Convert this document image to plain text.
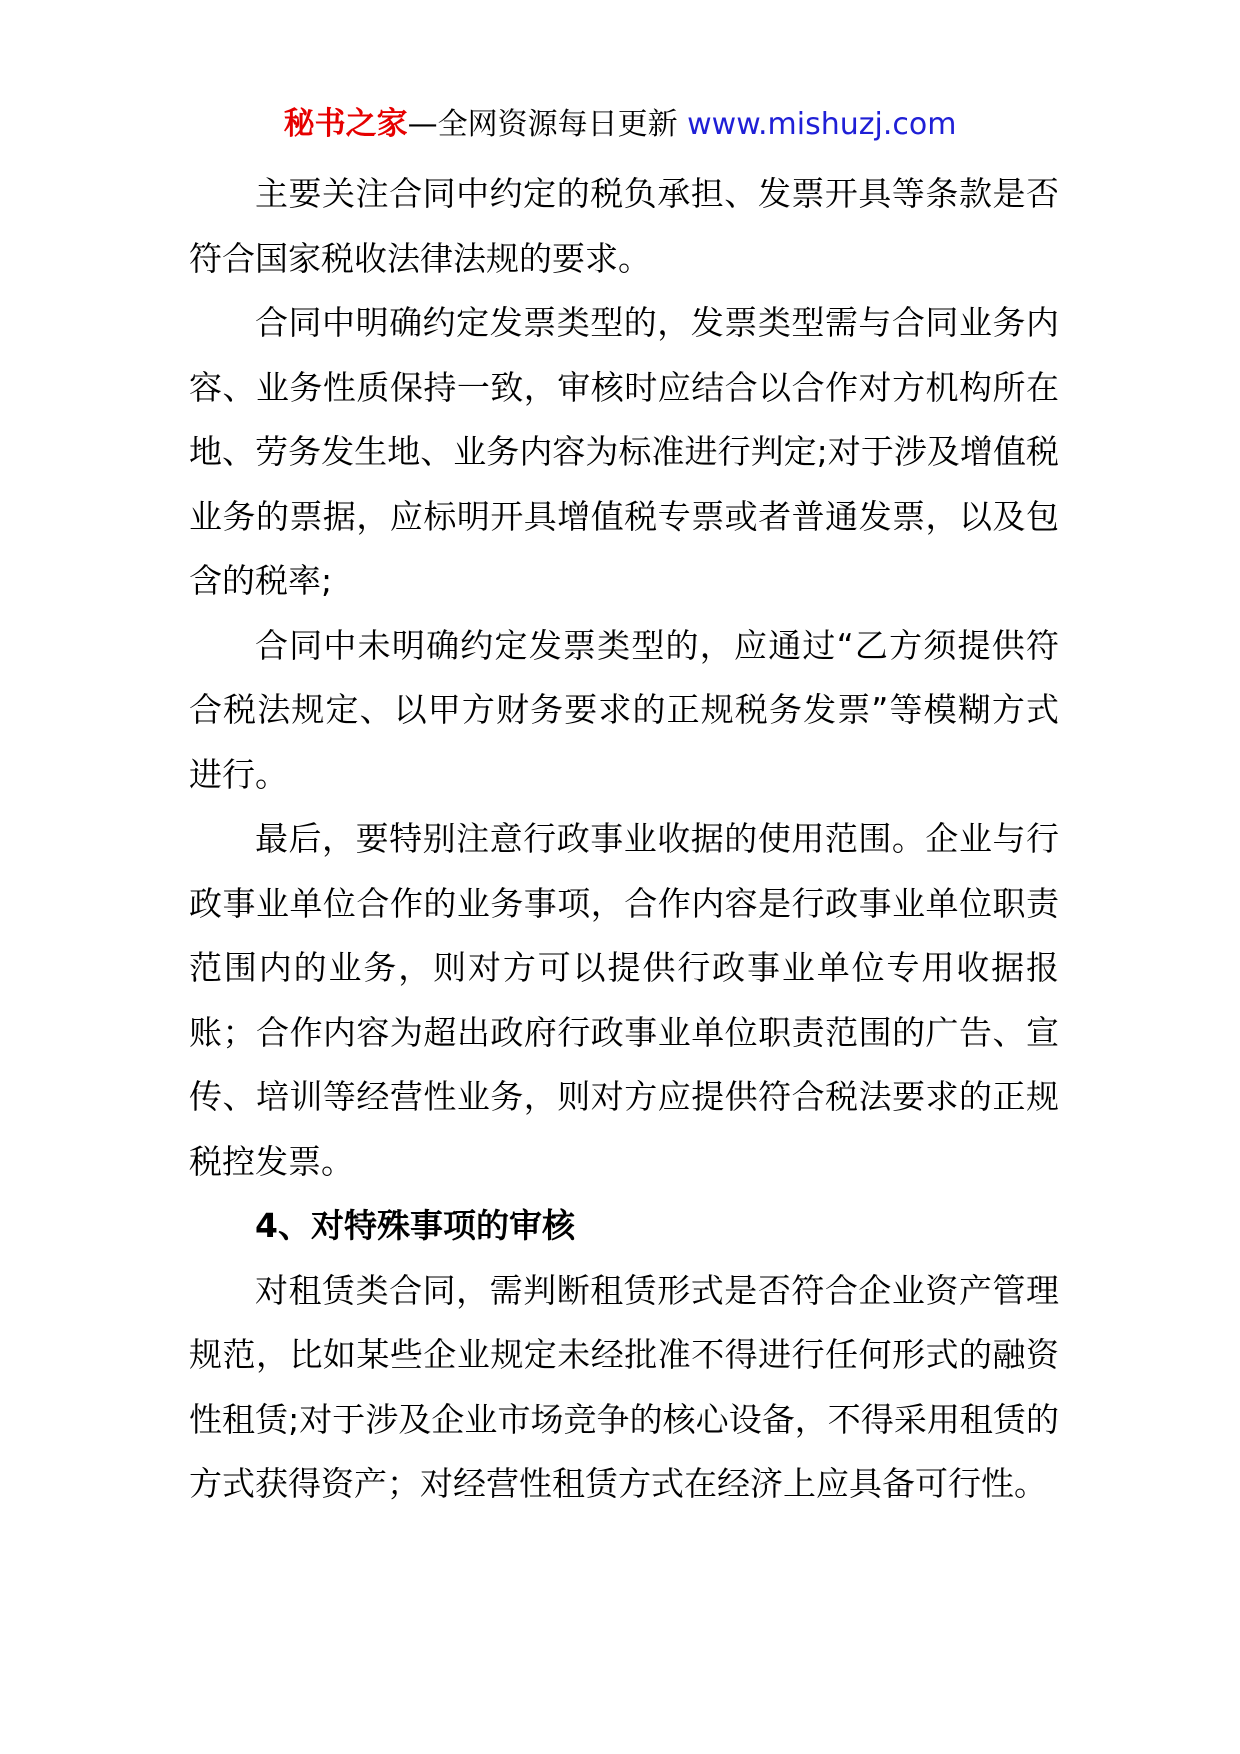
秘书之家—全网资源每日更新 www.mishuzj.com

主要关注合同中约定的税负承担、发票开具等条款是否符合国家税收法律法规的要求。

合同中明确约定发票类型的，发票类型需与合同业务内容、业务性质保持一致，审核时应结合以合作对方机构所在地、劳务发生地、业务内容为标准进行判定;对于涉及增值税业务的票据，应标明开具增值税专票或者普通发票，以及包含的税率;

合同中未明确约定发票类型的，应通过“乙方须提供符合税法规定、以甲方财务要求的正规税务发票”等模糊方式进行。

最后，要特别注意行政事业收据的使用范围。企业与行政事业单位合作的业务事项，合作内容是行政事业单位职责范围内的业务，则对方可以提供行政事业单位专用收据报账；合作内容为超出政府行政事业单位职责范围的广告、宣传、培训等经营性业务，则对方应提供符合税法要求的正规税控发票。

4、对特殊事项的审核

对租赁类合同，需判断租赁形式是否符合企业资产管理规范，比如某些企业规定未经批准不得进行任何形式的融资性租赁;对于涉及企业市场竞争的核心设备，不得采用租赁的方式获得资产；对经营性租赁方式在经济上应具备可行性。
